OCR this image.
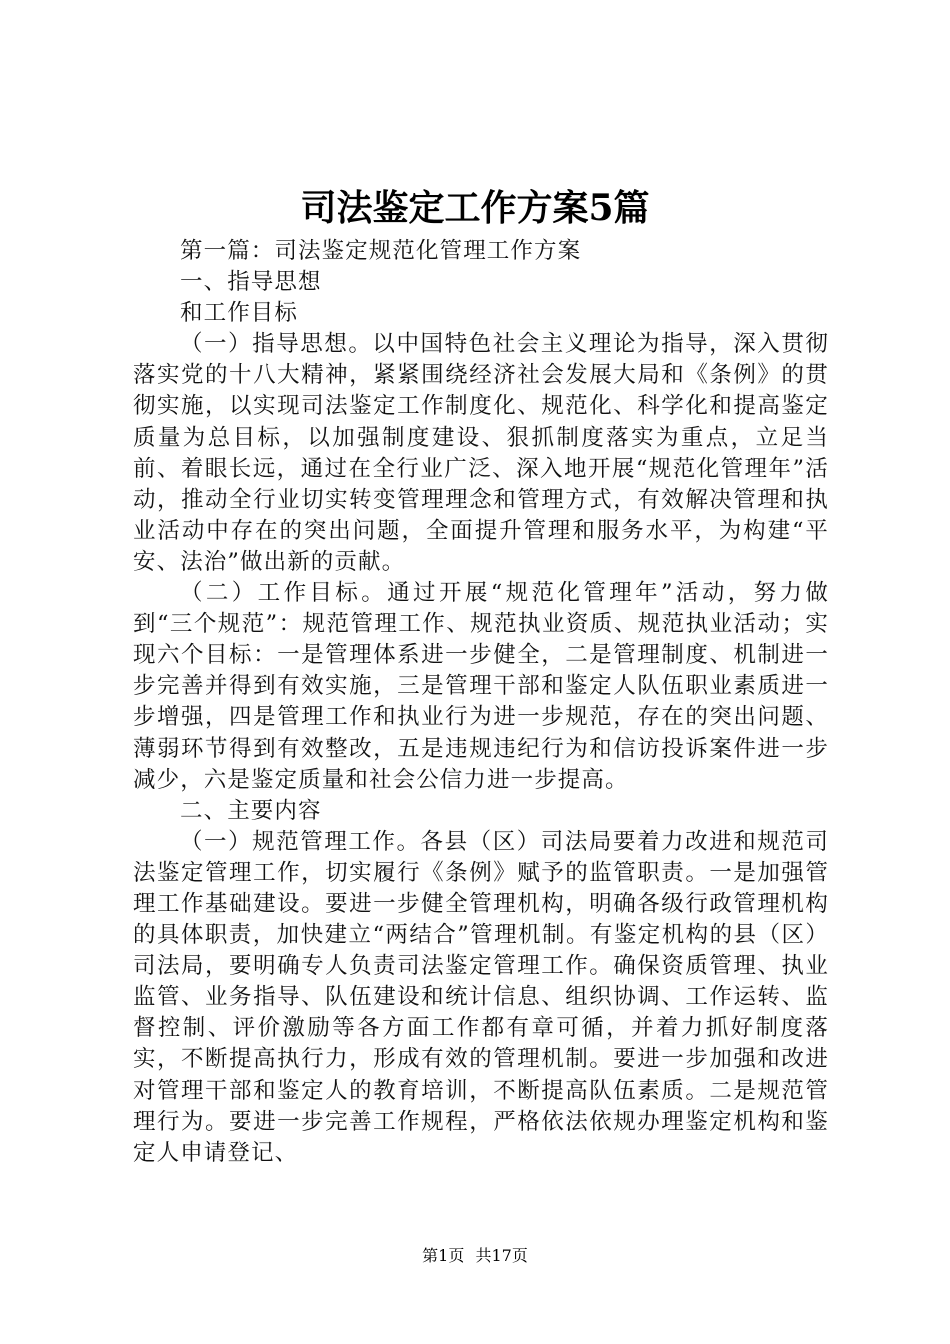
司法鉴定工作方案5篇

第一篇：司法鉴定规范化管理工作方案

一、指导思想

和工作目标

（一）指导思想。以中国特色社会主义理论为指导，深入贯彻落实党的十八大精神，紧紧围绕经济社会发展大局和《条例》的贯彻实施，以实现司法鉴定工作制度化、规范化、科学化和提高鉴定质量为总目标，以加强制度建设、狠抓制度落实为重点，立足当前、着眼长远，通过在全行业广泛、深入地开展“规范化管理年”活动，推动全行业切实转变管理理念和管理方式，有效解决管理和执业活动中存在的突出问题，全面提升管理和服务水平，为构建“平安、法治”做出新的贡献。

（二）工作目标。通过开展“规范化管理年”活动，努力做到“三个规范”：规范管理工作、规范执业资质、规范执业活动；实现六个目标：一是管理体系进一步健全，二是管理制度、机制进一步完善并得到有效实施，三是管理干部和鉴定人队伍职业素质进一步增强，四是管理工作和执业行为进一步规范，存在的突出问题、薄弱环节得到有效整改，五是违规违纪行为和信访投诉案件进一步减少，六是鉴定质量和社会公信力进一步提高。

二、主要内容

（一）规范管理工作。各县（区）司法局要着力改进和规范司法鉴定管理工作，切实履行《条例》赋予的监管职责。一是加强管理工作基础建设。要进一步健全管理机构，明确各级行政管理机构的具体职责，加快建立“两结合”管理机制。有鉴定机构的县（区）司法局，要明确专人负责司法鉴定管理工作。确保资质管理、执业监管、业务指导、队伍建设和统计信息、组织协调、工作运转、监督控制、评价激励等各方面工作都有章可循，并着力抓好制度落实，不断提高执行力，形成有效的管理机制。要进一步加强和改进对管理干部和鉴定人的教育培训，不断提高队伍素质。二是规范管理行为。要进一步完善工作规程，严格依法依规办理鉴定机构和鉴定人申请登记、

第1页 共17页
